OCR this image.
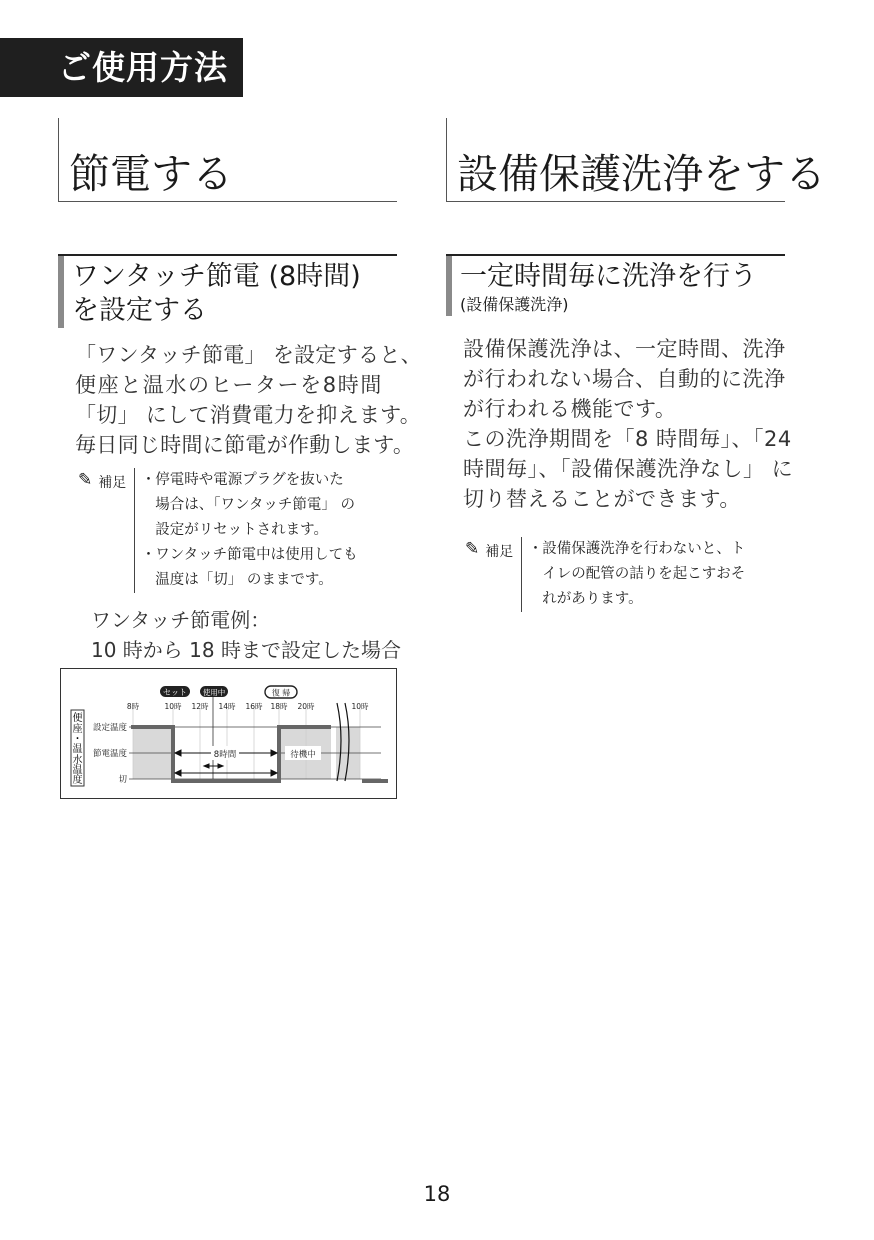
ご使用方法
節電する
ワンタッチ節電 (8時間)
を設定する
「ワンタッチ節電」 を設定すると、
便座と温水のヒーターを8時間
「切」 にして消費電力を抑えます。
毎日同じ時間に節電が作動します。
✎ 補足 ・ 停電時や電源プラグを抜いた
場合は、「ワンタッチ節電」 の
設定がリセットされます。
・ ワンタッチ節電中は使用しても
温度は「切」 のままです。
ワンタッチ節電例：
10 時から 18 時まで設定した場合
便
座
・
温
水
温
度
セット 使用中	復 帰
設定温度
節電温度
切
8時間	待機中
8時	10時 12時 14時 16時 18時 20時	10時
設備保護洗浄をする
一定時間毎に洗浄を行う
(設備保護洗浄)
設備保護洗浄は、一定時間、洗浄
が行われない場合、自動的に洗浄
が行われる機能です。
この洗浄期間を「8 時間毎」、「24
時間毎」、「設備保護洗浄なし」 に
切り替えることができます。
✎ 補足 ・ 設備保護洗浄を行わないと、ト
イレの配管の詰りを起こすおそ
れがあります。
18
